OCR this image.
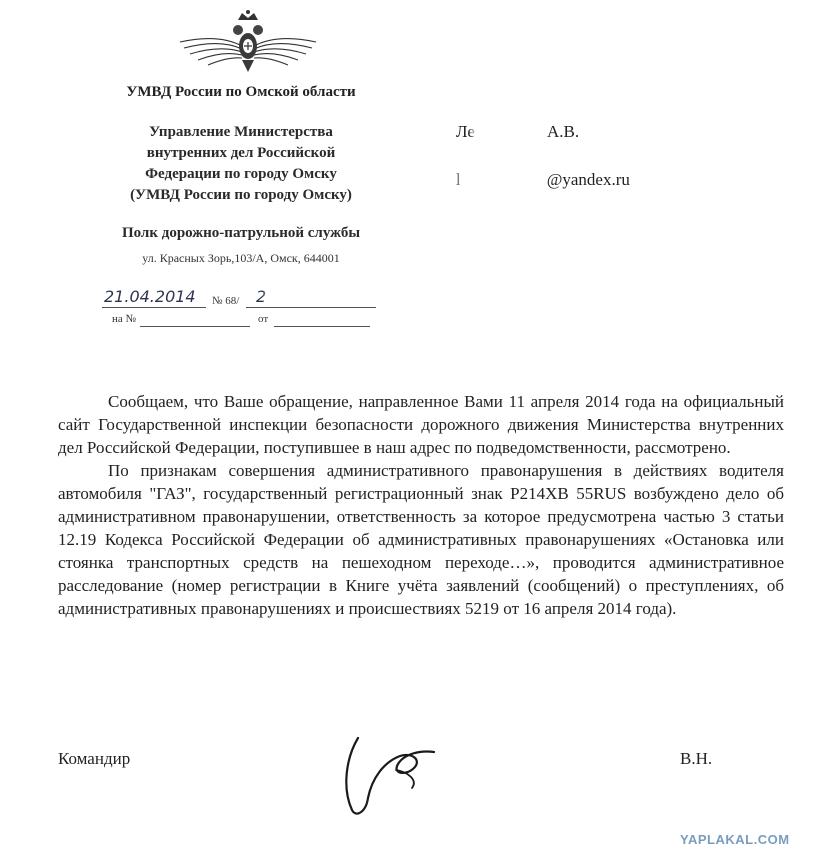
УМВД России по Омской области
Управление Министерства
внутренних дел Российской
Федерации по городу Омску
(УМВД России по городу Омску)
Полк дорожно-патрульной службы
ул. Красных Зорь,103/А, Омск, 644001
Ле	А.В.
l	@yandex.ru
21.04.2014 № 68/ 2
на №	от

Сообщаем, что Ваше обращение, направленное Вами 11 апреля 2014 года на официальный сайт Государственной инспекции безопасности дорожного движения Министерства внутренних дел Российской Федерации, поступившее в наш адрес по подведомственности, рассмотрено.

По признакам совершения административного правонарушения в действиях водителя автомобиля "ГАЗ", государственный регистрационный знак Р214ХВ 55RUS возбуждено дело об административном правонарушении, ответственность за которое предусмотрена частью 3 статьи 12.19 Кодекса Российской Федерации об административных правонарушениях «Остановка или стоянка транспортных средств на пешеходном переходе…», проводится административное расследование (номер регистрации в Книге учёта заявлений (сообщений) о преступлениях, об административных правонарушениях и происшествиях 5219 от 16 апреля 2014 года).

Командир	В.Н.
YAPLAKAL.COM
